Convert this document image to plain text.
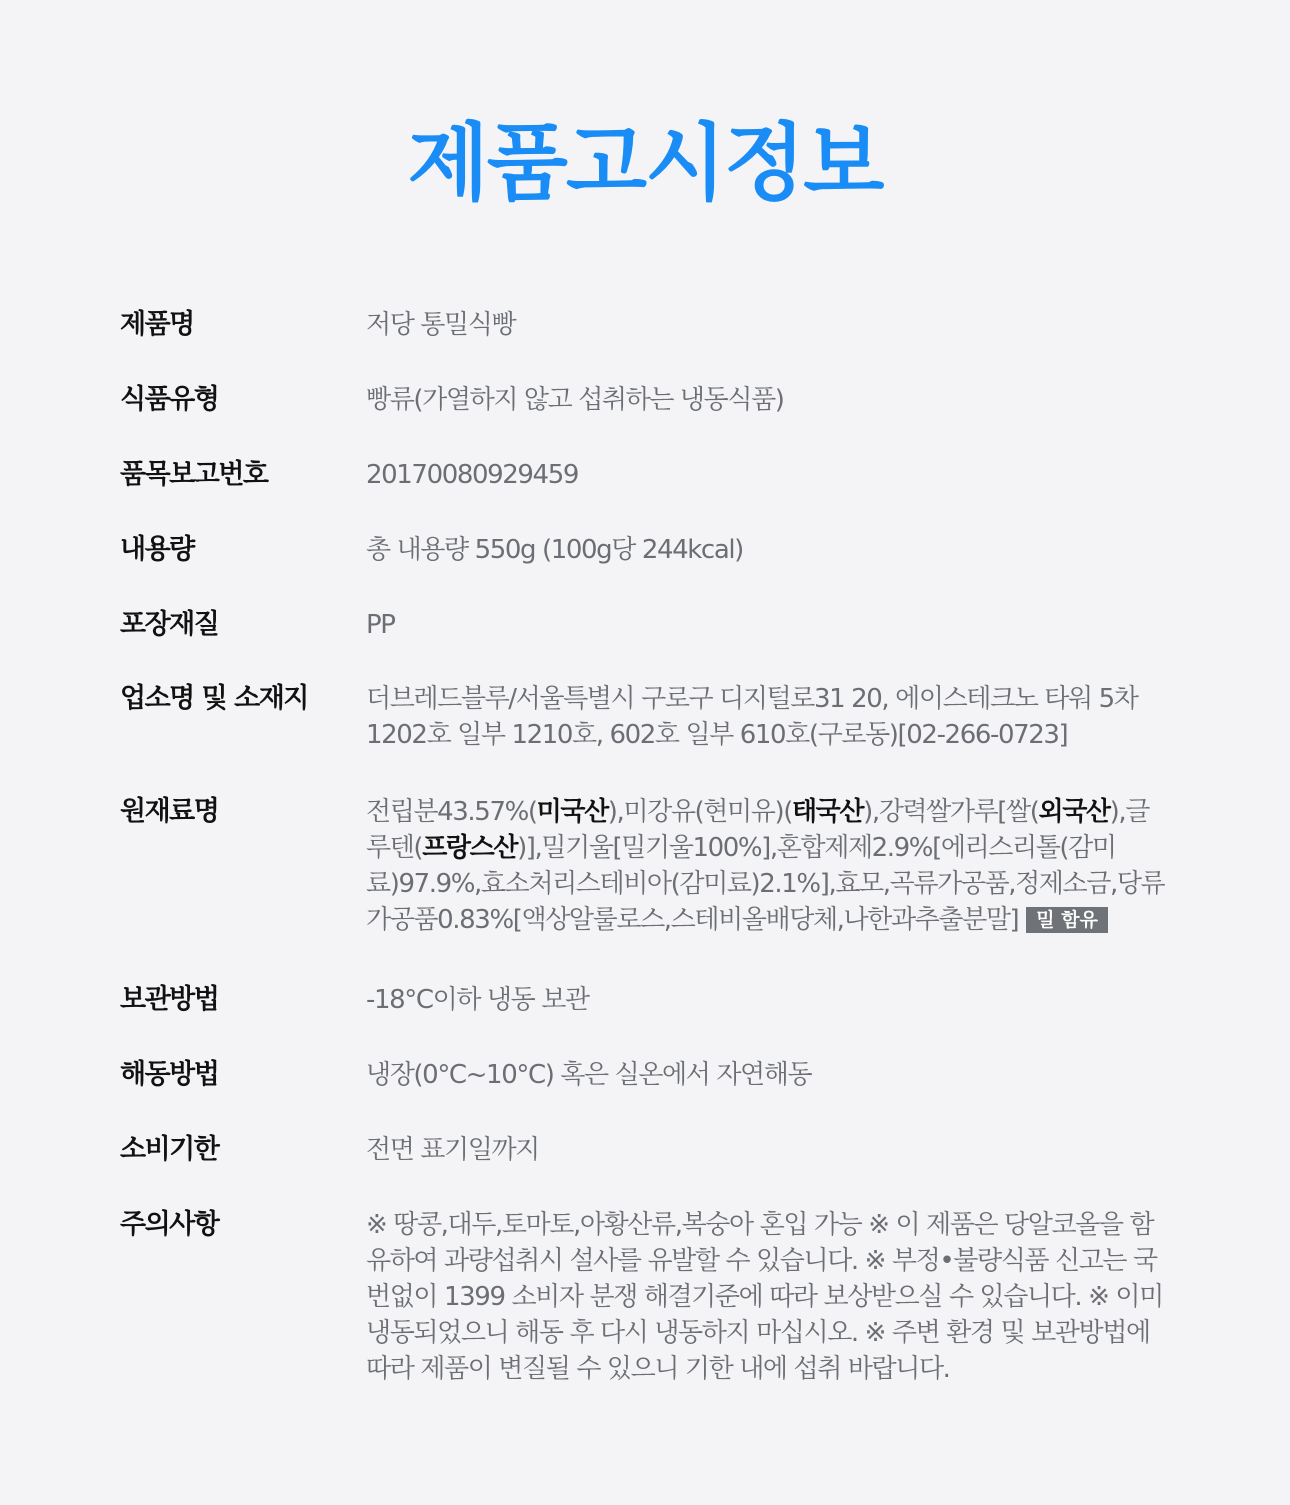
제품고시정보
제품명	저당 통밀식빵
식품유형	빵류(가열하지 않고 섭취하는 냉동식품)
품목보고번호	20170080929459
내용량	총 내용량 550g (100g당 244kcal)
포장재질	PP
업소명 및 소재지	더브레드블루/서울특별시 구로구 디지털로31 20, 에이스테크노 타워 5차 1202호 일부 1210호, 602호 일부 610호(구로동)[02-266-0723]
원재료명	전립분43.57%(미국산),미강유(현미유)(태국산),강력쌀가루[쌀(외국산),글루텐(프랑스산)],밀기울[밀기울100%],혼합제제2.9%[에리스리톨(감미료)97.9%,효소처리스테비아(감미료)2.1%],효모,곡류가공품,정제소금,당류가공품0.83%[액상알룰로스,스테비올배당체,나한과추출분말] 밀 함유
보관방법	-18°C이하 냉동 보관
해동방법	냉장(0°C~10°C) 혹은 실온에서 자연해동
소비기한	전면 표기일까지
주의사항	※ 땅콩,대두,토마토,아황산류,복숭아 혼입 가능 ※ 이 제품은 당알코올을 함유하여 과량섭취시 설사를 유발할 수 있습니다. ※ 부정•불량식품 신고는 국번없이 1399 소비자 분쟁 해결기준에 따라 보상받으실 수 있습니다. ※ 이미 냉동되었으니 해동 후 다시 냉동하지 마십시오. ※ 주변 환경 및 보관방법에 따라 제품이 변질될 수 있으니 기한 내에 섭취 바랍니다.
